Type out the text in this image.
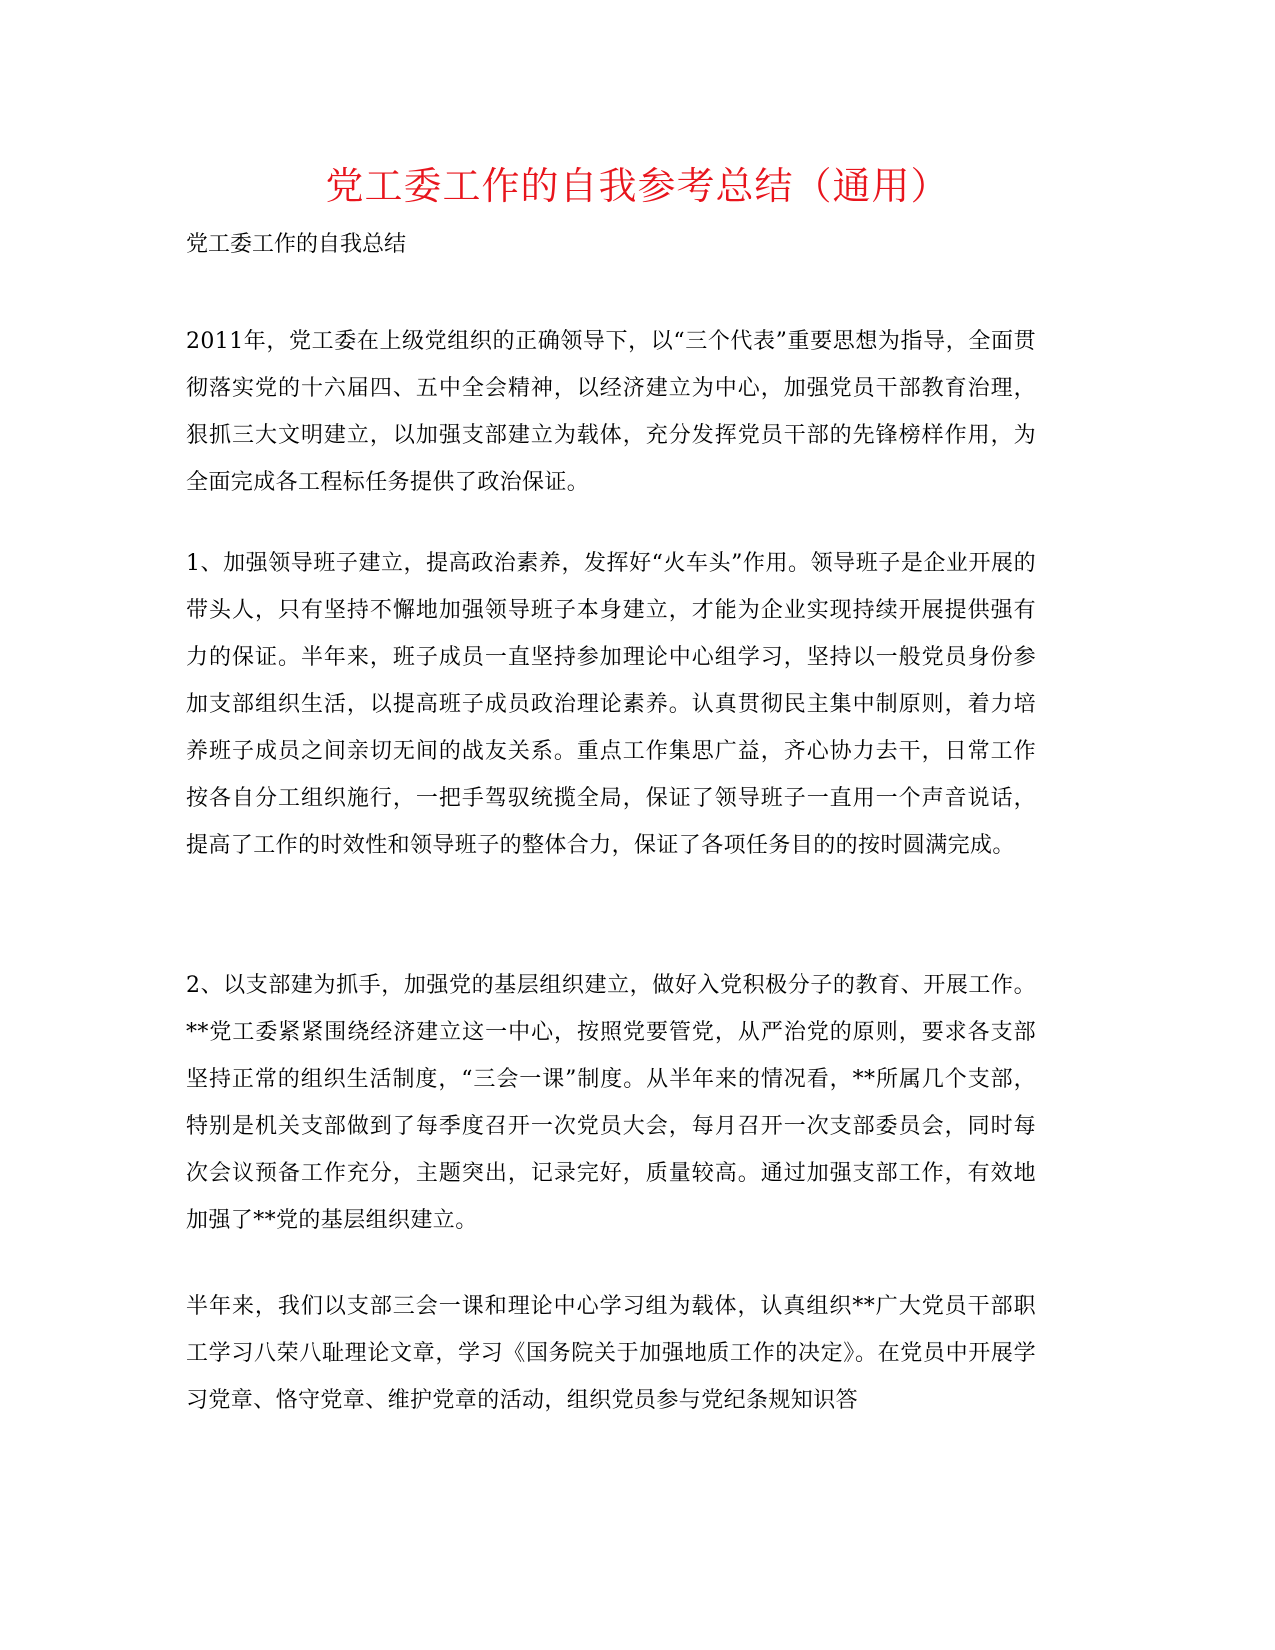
党工委工作的自我参考总结（通用）

党工委工作的自我总结

2011年，党工委在上级党组织的正确领导下，以“三个代表”重要思想为指导，全面贯彻落实党的十六届四、五中全会精神，以经济建立为中心，加强党员干部教育治理，狠抓三大文明建立，以加强支部建立为载体，充分发挥党员干部的先锋榜样作用，为全面完成各工程标任务提供了政治保证。

1、加强领导班子建立，提高政治素养，发挥好“火车头”作用。领导班子是企业开展的带头人，只有坚持不懈地加强领导班子本身建立，才能为企业实现持续开展提供强有力的保证。半年来，班子成员一直坚持参加理论中心组学习，坚持以一般党员身份参加支部组织生活，以提高班子成员政治理论素养。认真贯彻民主集中制原则，着力培养班子成员之间亲切无间的战友关系。重点工作集思广益，齐心协力去干，日常工作按各自分工组织施行，一把手驾驭统揽全局，保证了领导班子一直用一个声音说话，提高了工作的时效性和领导班子的整体合力，保证了各项任务目的的按时圆满完成。

2、以支部建为抓手，加强党的基层组织建立，做好入党积极分子的教育、开展工作。**党工委紧紧围绕经济建立这一中心，按照党要管党，从严治党的原则，要求各支部坚持正常的组织生活制度，“三会一课”制度。从半年来的情况看，**所属几个支部，特别是机关支部做到了每季度召开一次党员大会，每月召开一次支部委员会，同时每次会议预备工作充分，主题突出，记录完好，质量较高。通过加强支部工作，有效地加强了**党的基层组织建立。

半年来，我们以支部三会一课和理论中心学习组为载体，认真组织**广大党员干部职工学习八荣八耻理论文章，学习《国务院关于加强地质工作的决定》。在党员中开展学习党章、恪守党章、维护党章的活动，组织党员参与党纪条规知识答
